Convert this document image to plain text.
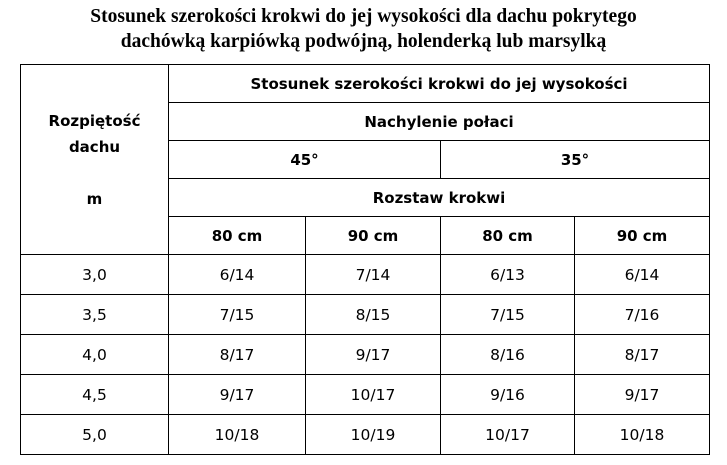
Stosunek szerokości krokwi do jej wysokości dla dachu pokrytego
dachówką karpiówką podwójną, holenderką lub marsylką
Rozpiętość
dachu
m	Stosunek szerokości krokwi do jej wysokości			
	Nachylenie połaci			
	45°		35°	
	Rozstaw krokwi			
	80 cm	90 cm	80 cm	90 cm
3,0	6/14	7/14	6/13	6/14
3,5	7/15	8/15	7/15	7/16
4,0	8/17	9/17	8/16	8/17
4,5	9/17	10/17	9/16	9/17
5,0	10/18	10/19	10/17	10/18
